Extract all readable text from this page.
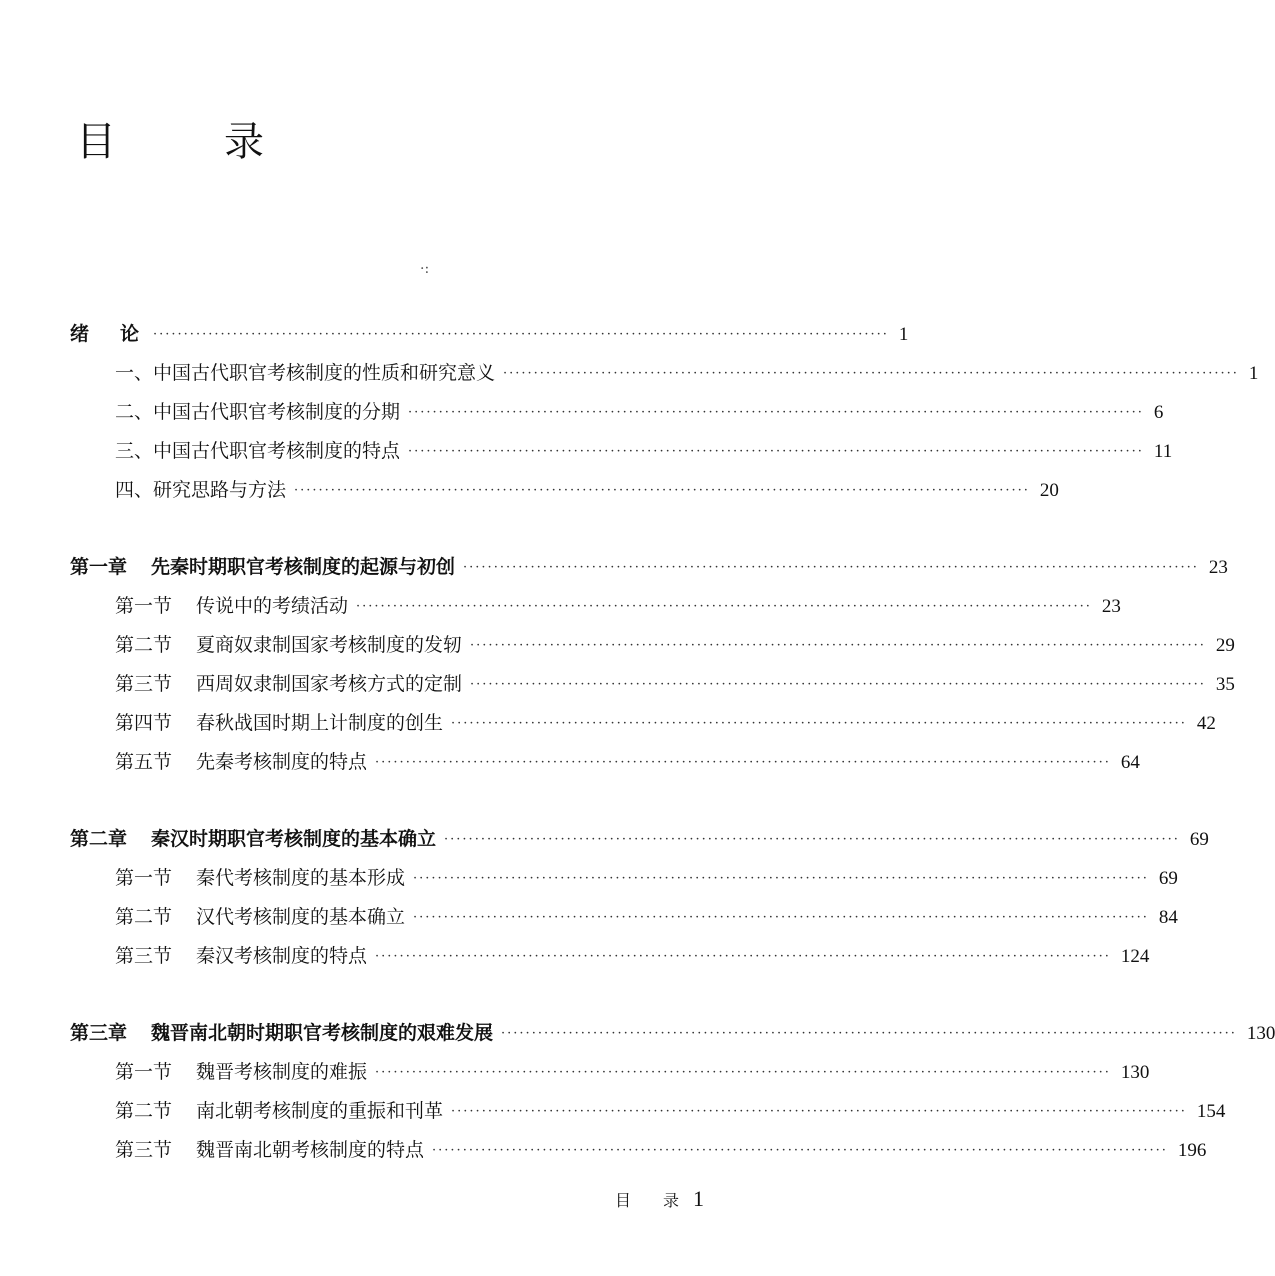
目　录
·:
绪　论 ························································································································ 1
一、中国古代职官考核制度的性质和研究意义 ························································································································ 1
二、中国古代职官考核制度的分期 ························································································································ 6
三、中国古代职官考核制度的特点 ························································································································ 11
四、研究思路与方法 ························································································································ 20
第一章 先秦时期职官考核制度的起源与初创 ························································································································ 23
第一节 传说中的考绩活动 ························································································································ 23
第二节 夏商奴隶制国家考核制度的发轫 ························································································································ 29
第三节 西周奴隶制国家考核方式的定制 ························································································································ 35
第四节 春秋战国时期上计制度的创生 ························································································································ 42
第五节 先秦考核制度的特点 ························································································································ 64
第二章 秦汉时期职官考核制度的基本确立 ························································································································ 69
第一节 秦代考核制度的基本形成 ························································································································ 69
第二节 汉代考核制度的基本确立 ························································································································ 84
第三节 秦汉考核制度的特点 ························································································································ 124
第三章 魏晋南北朝时期职官考核制度的艰难发展 ························································································································ 130
第一节 魏晋考核制度的难振 ························································································································ 130
第二节 南北朝考核制度的重振和刊革 ························································································································ 154
第三节 魏晋南北朝考核制度的特点 ························································································································ 196
目　录 1
